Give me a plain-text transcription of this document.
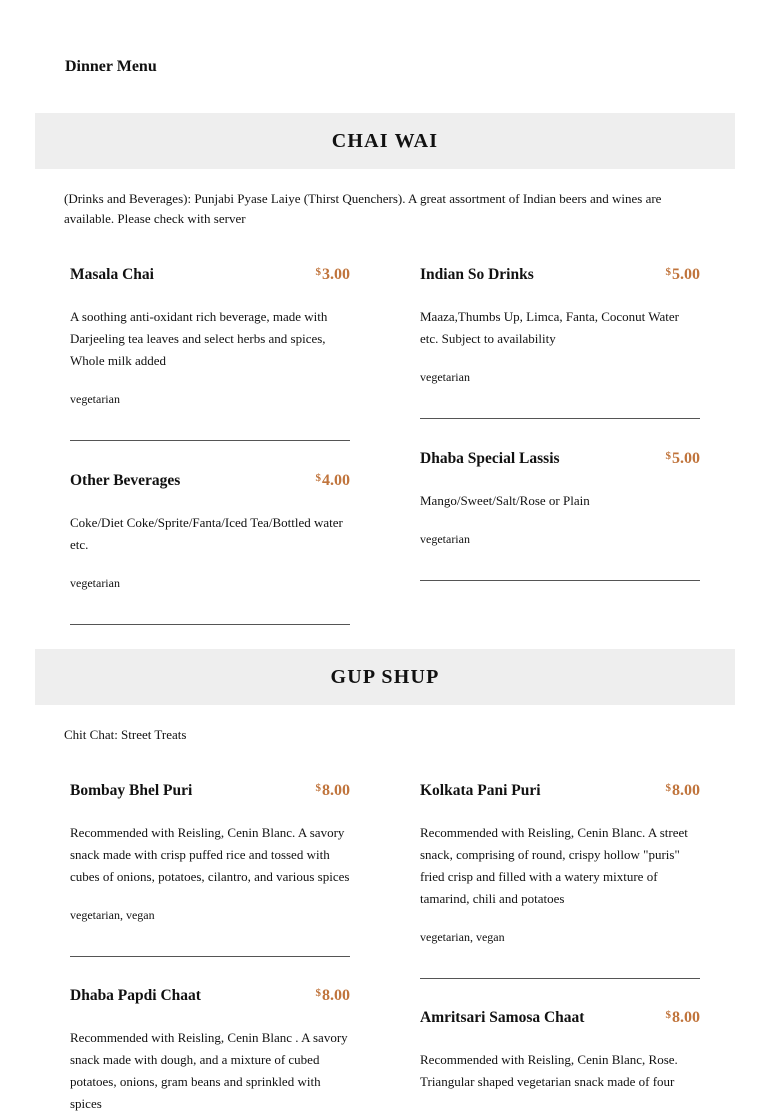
Dinner Menu
CHAI WAI
(Drinks and Beverages): Punjabi Pyase Laiye (Thirst Quenchers). A great assortment of Indian beers and wines are available. Please check with server
Masala Chai	$3.00
A soothing anti-oxidant rich beverage, made with Darjeeling tea leaves and select herbs and spices, Whole milk added
vegetarian
Indian So Drinks	$5.00
Maaza,Thumbs Up, Limca, Fanta, Coconut Water etc. Subject to availability
vegetarian
Other Beverages	$4.00
Coke/Diet Coke/Sprite/Fanta/Iced Tea/Bottled water etc.
vegetarian
Dhaba Special Lassis	$5.00
Mango/Sweet/Salt/Rose or Plain
vegetarian
GUP SHUP
Chit Chat: Street Treats
Bombay Bhel Puri	$8.00
Recommended with Reisling, Cenin Blanc. A savory snack made with crisp puffed rice and tossed with cubes of onions, potatoes, cilantro, and various spices
vegetarian, vegan
Kolkata Pani Puri	$8.00
Recommended with Reisling, Cenin Blanc. A street snack, comprising of round, crispy hollow "puris" fried crisp and filled with a watery mixture of tamarind, chili and potatoes
vegetarian, vegan
Dhaba Papdi Chaat	$8.00
Recommended with Reisling, Cenin Blanc . A savory snack made with dough, and a mixture of cubed potatoes, onions, gram beans and sprinkled with spices
Amritsari Samosa Chaat	$8.00
Recommended with Reisling, Cenin Blanc, Rose. Triangular shaped vegetarian snack made of four
